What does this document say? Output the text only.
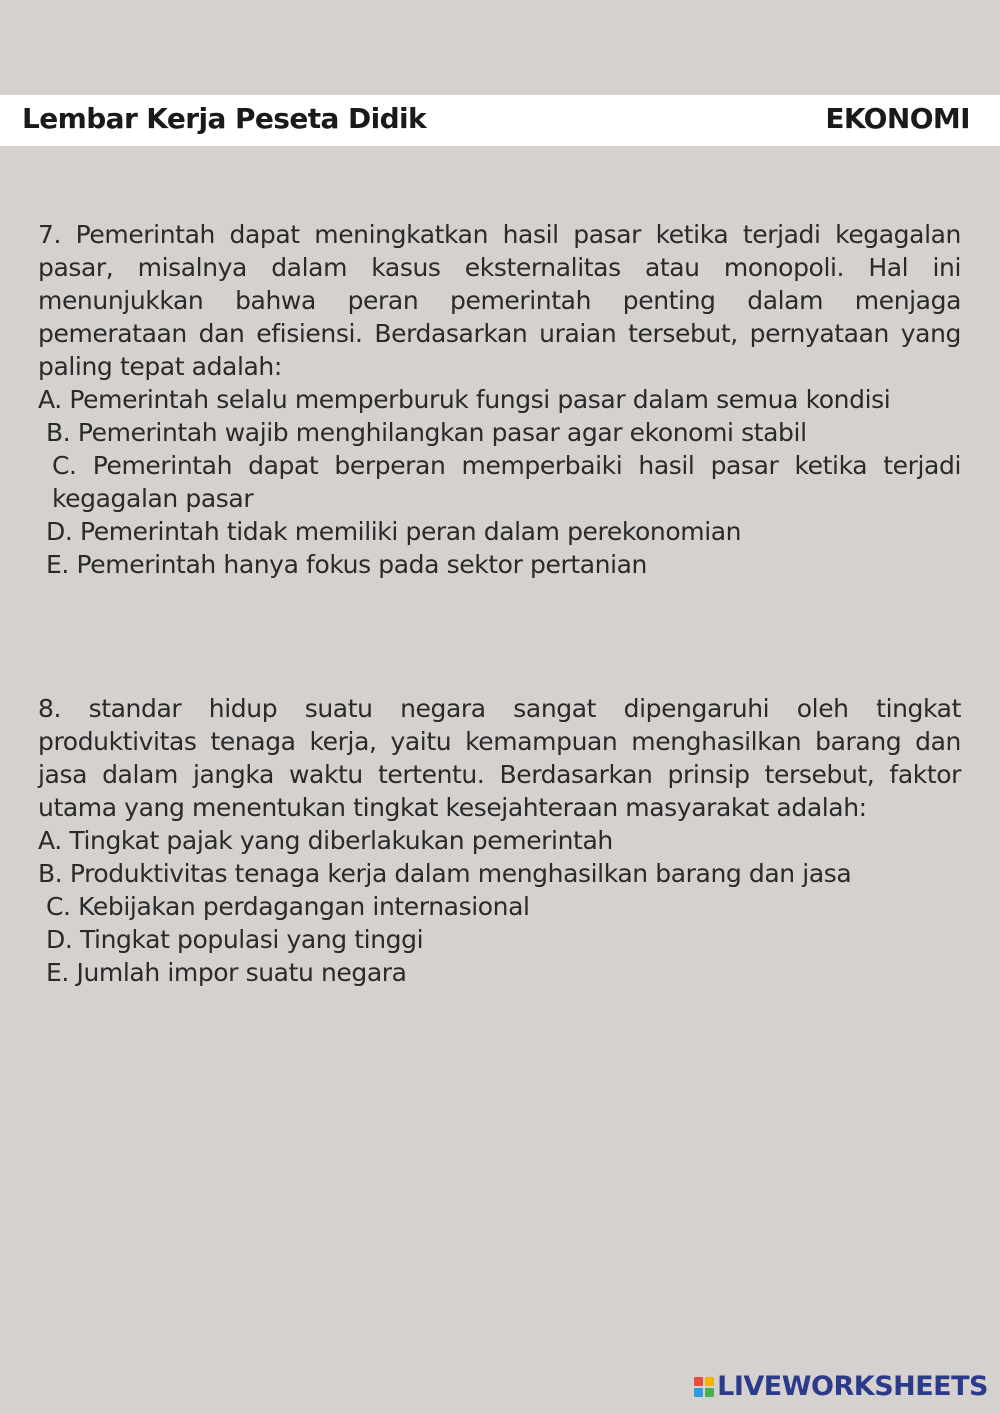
Lembar Kerja Peseta Didik	EKONOMI

7. Pemerintah dapat meningkatkan hasil pasar ketika terjadi kegagalan pasar, misalnya dalam kasus eksternalitas atau monopoli. Hal ini menunjukkan bahwa peran pemerintah penting dalam menjaga pemerataan dan efisiensi. Berdasarkan uraian tersebut, pernyataan yang paling tepat adalah:

A. Pemerintah selalu memperburuk fungsi pasar dalam semua kondisi

B. Pemerintah wajib menghilangkan pasar agar ekonomi stabil

C. Pemerintah dapat berperan memperbaiki hasil pasar ketika terjadi kegagalan pasar

D. Pemerintah tidak memiliki peran dalam perekonomian

E. Pemerintah hanya fokus pada sektor pertanian

8. standar hidup suatu negara sangat dipengaruhi oleh tingkat produktivitas tenaga kerja, yaitu kemampuan menghasilkan barang dan jasa dalam jangka waktu tertentu. Berdasarkan prinsip tersebut, faktor utama yang menentukan tingkat kesejahteraan masyarakat adalah:

A. Tingkat pajak yang diberlakukan pemerintah

B. Produktivitas tenaga kerja dalam menghasilkan barang dan jasa

C. Kebijakan perdagangan internasional

D. Tingkat populasi yang tinggi

E. Jumlah impor suatu negara

LIVEWORKSHEETS
